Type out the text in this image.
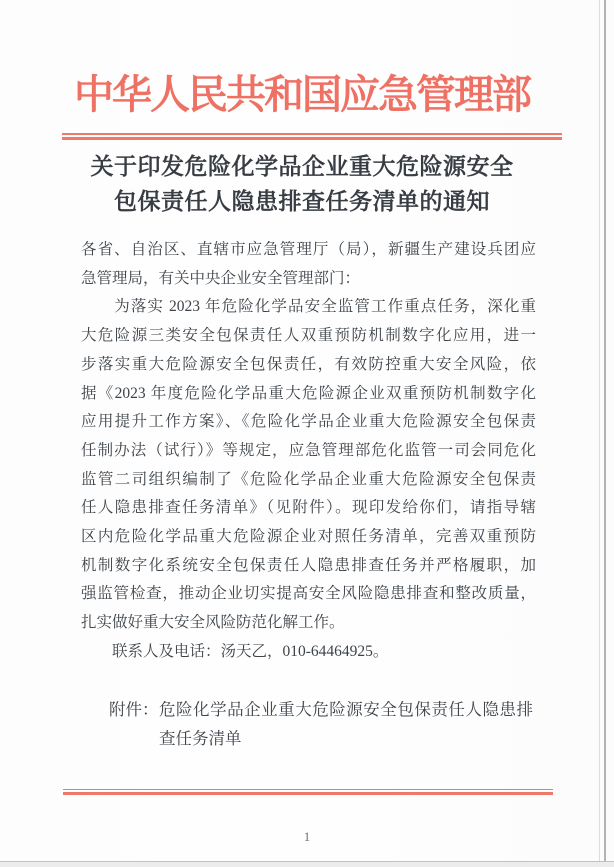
中华人民共和国应急管理部
关于印发危险化学品企业重大危险源安全
包保责任人隐患排查任务清单的通知
各省、自治区、直辖市应急管理厅（局），新疆生产建设兵团应
急管理局，有关中央企业安全管理部门：
　　为落实 2023 年危险化学品安全监管工作重点任务，深化重
大危险源三类安全包保责任人双重预防机制数字化应用，进一
步落实重大危险源安全包保责任，有效防控重大安全风险，依
据《2023 年度危险化学品重大危险源企业双重预防机制数字化
应用提升工作方案》、《危险化学品企业重大危险源安全包保责
任制办法（试行）》等规定，应急管理部危化监管一司会同危化
监管二司组织编制了《危险化学品企业重大危险源安全包保责
任人隐患排查任务清单》（见附件）。现印发给你们，请指导辖
区内危险化学品重大危险源企业对照任务清单，完善双重预防
机制数字化系统安全包保责任人隐患排查任务并严格履职，加
强监管检查，推动企业切实提高安全风险隐患排查和整改质量，
扎实做好重大安全风险防范化解工作。
　　联系人及电话：汤天乙，010-64464925。
附件： 危险化学品企业重大危险源安全包保责任人隐患排查任务清单
1
